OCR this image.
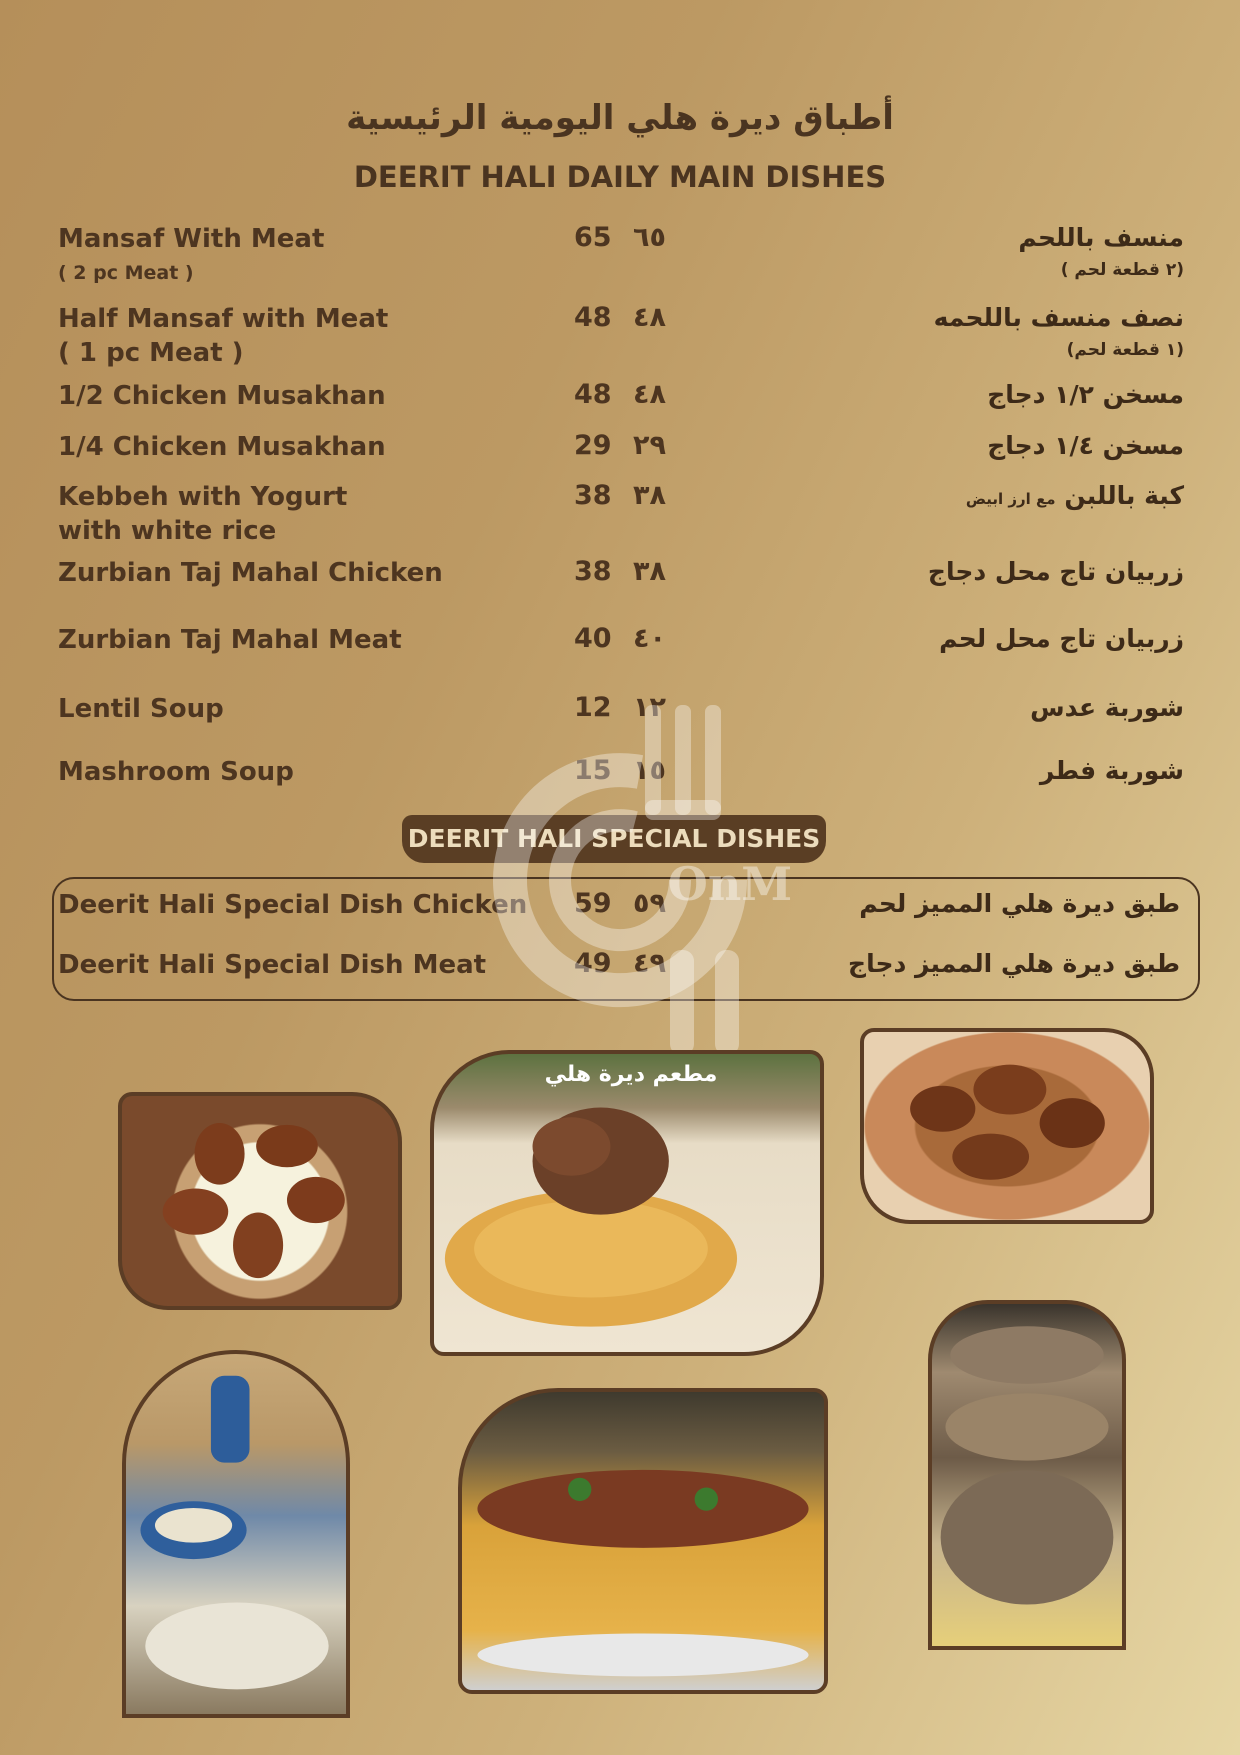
أطباق ديرة هلي اليومية الرئيسية
DEERIT HALI DAILY MAIN DISHES
Mansaf With Meat
( 2 pc Meat )
65 ٦٥	منسف باللحم
(٢ قطعة لحم )
Half Mansaf with Meat
( 1 pc Meat )
48 ٤٨	نصف منسف باللحمه
(١ قطعة لحم)
1/2 Chicken Musakhan	48 ٤٨	مسخن ١/٢ دجاج
1/4 Chicken Musakhan	29 ٢٩	مسخن ١/٤ دجاج
Kebbeh with Yogurt
with white rice
38 ٣٨	كبة باللبن مع ارز ابيض
Zurbian Taj Mahal Chicken	38 ٣٨	زربيان تاج محل دجاج
Zurbian Taj Mahal Meat	40 ٤٠	زربيان تاج محل لحم
Lentil Soup	12 ١٢	شوربة عدس
Mashroom Soup	15 ١٥	شوربة فطر
DEERIT HALI SPECIAL DISHES
Deerit Hali Special Dish Chicken 59 ٥٩	طبق ديرة هلي المميز لحم
Deerit Hali Special Dish Meat	49 ٤٩	طبق ديرة هلي المميز دجاج
OnM
مطعم ديرة هلي
